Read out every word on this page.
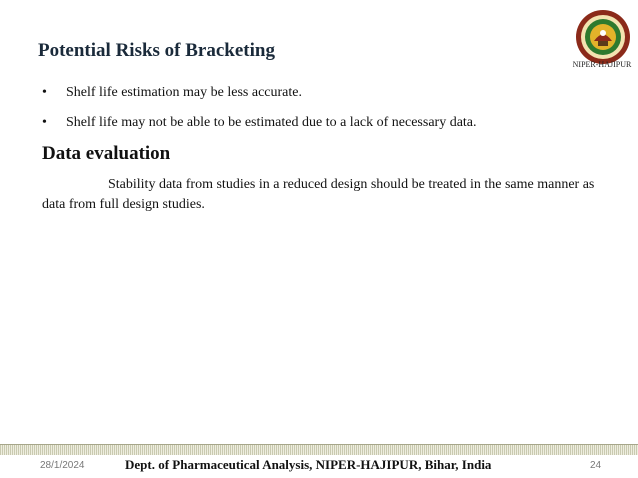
Potential Risks of Bracketing
NIPER-HAJIPUR
• Shelf life estimation may be less accurate.
• Shelf life may not be able to be estimated due to a lack of necessary data.
Data evaluation
Stability data from studies in a reduced design should be treated in the same manner as data from full design studies.
28/1/2024	Dept. of Pharmaceutical Analysis, NIPER-HAJIPUR, Bihar, India	24
